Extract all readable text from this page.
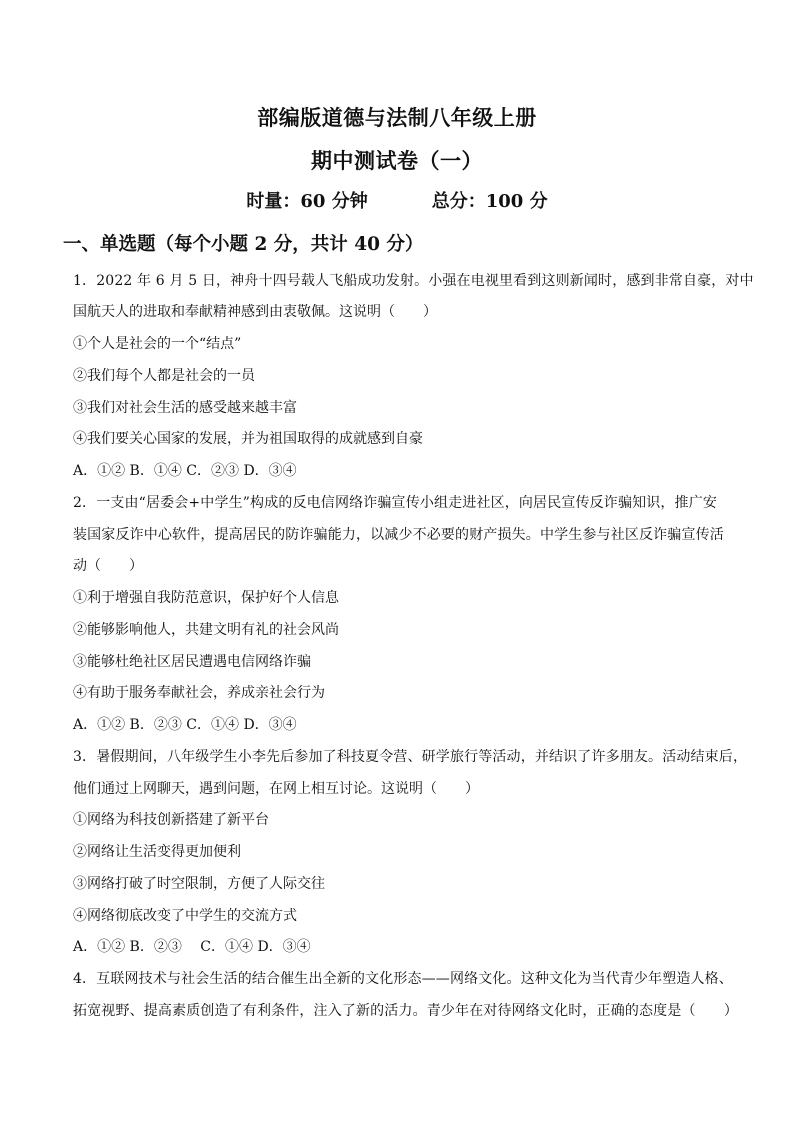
部编版道德与法制八年级上册
期中测试卷（一）
时量：60 分钟	总分：100 分
一、单选题（每个小题 2 分，共计 40 分）
1．2022 年 6 月 5 日，神舟十四号载人飞船成功发射。小强在电视里看到这则新闻时，感到非常自豪，对中
国航天人的进取和奉献精神感到由衷敬佩。这说明（　　）
①个人是社会的一个“结点”
②我们每个人都是社会的一员
③我们对社会生活的感受越来越丰富
④我们要关心国家的发展，并为祖国取得的成就感到自豪
A．①② B．①④ C．②③ D．③④
2．一支由“居委会+中学生”构成的反电信网络诈骗宣传小组走进社区，向居民宣传反诈骗知识，推广安
装国家反诈中心软件，提高居民的防诈骗能力，以减少不必要的财产损失。中学生参与社区反诈骗宣传活
动（　　）
①利于增强自我防范意识，保护好个人信息
②能够影响他人，共建文明有礼的社会风尚
③能够杜绝社区居民遭遇电信网络诈骗
④有助于服务奉献社会，养成亲社会行为
A．①② B．②③ C．①④ D．③④
3．暑假期间，八年级学生小李先后参加了科技夏令营、研学旅行等活动，并结识了许多朋友。活动结束后，
他们通过上网聊天，遇到问题，在网上相互讨论。这说明（　　）
①网络为科技创新搭建了新平台
②网络让生活变得更加便利
③网络打破了时空限制，方便了人际交往
④网络彻底改变了中学生的交流方式
A．①② B．②③　 C．①④ D．③④
4．互联网技术与社会生活的结合催生出全新的文化形态——网络文化。这种文化为当代青少年塑造人格、
拓宽视野、提高素质创造了有利条件，注入了新的活力。青少年在对待网络文化时，正确的态度是（　　）
